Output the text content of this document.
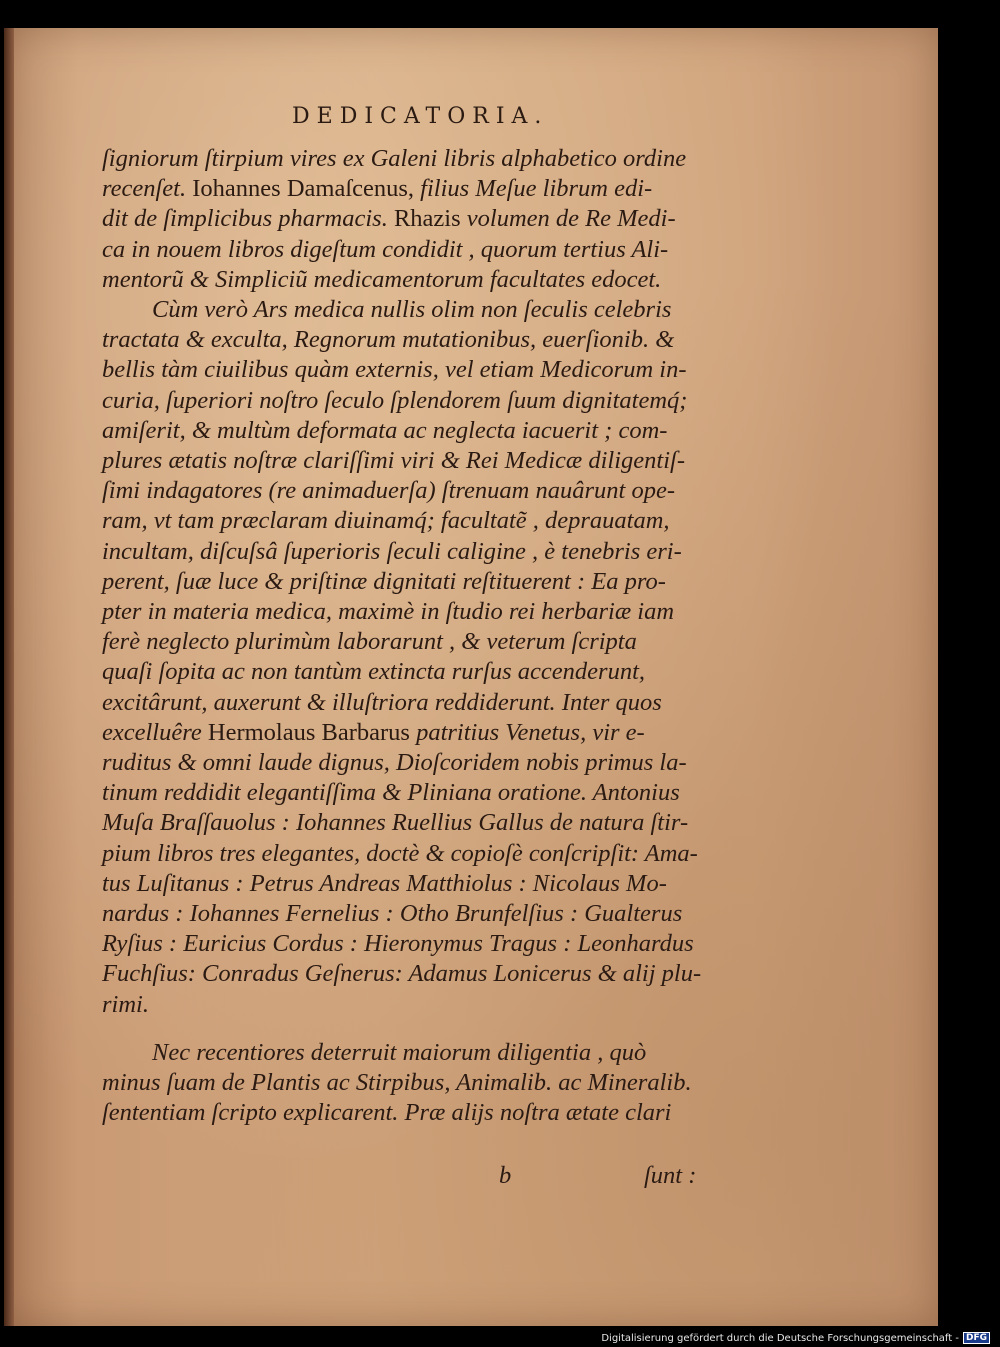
DEDICATORIA.
ſigniorum ſtirpium vires ex Galeni libris alphabetico ordine
recenſet. Iohannes Damaſcenus, filius Meſue librum edi-
dit de ſimplicibus pharmacis. Rhazis volumen de Re Medi-
ca in nouem libros digeſtum condidit , quorum tertius Ali-
mentorũ & Simpliciũ medicamentorum facultates edocet.
Cùm verò Ars medica nullis olim non ſeculis celebris
tractata & exculta, Regnorum mutationibus, euerſionib. &
bellis tàm ciuilibus quàm externis, vel etiam Medicorum in-
curia, ſuperiori noſtro ſeculo ſplendorem ſuum dignitatemq́;
amiſerit, & multùm deformata ac neglecta iacuerit ; com-
plures ætatis noſtræ clariſſimi viri & Rei Medicæ diligentiſ-
ſimi indagatores (re animaduerſa) ſtrenuam nauârunt ope-
ram, vt tam præclaram diuinamq́; facultatẽ , deprauatam,
incultam, diſcuſsâ ſuperioris ſeculi caligine , è tenebris eri-
perent, ſuæ luce & priſtinæ dignitati reſtituerent : Ea pro-
pter in materia medica, maximè in ſtudio rei herbariæ iam
ferè neglecto plurimùm laborarunt , & veterum ſcripta
quaſi ſopita ac non tantùm extincta rurſus accenderunt,
excitârunt, auxerunt & illuſtriora reddiderunt. Inter quos
excelluêre Hermolaus Barbarus patritius Venetus, vir e-
ruditus & omni laude dignus, Dioſcoridem nobis primus la-
tinum reddidit elegantiſſima & Pliniana oratione. Antonius
Muſa Braſſauolus : Iohannes Ruellius Gallus de natura ſtir-
pium libros tres elegantes, doctè & copioſè conſcripſit: Ama-
tus Luſitanus : Petrus Andreas Matthiolus : Nicolaus Mo-
nardus : Iohannes Fernelius : Otho Brunfelſius : Gualterus
Ryſius : Euricius Cordus : Hieronymus Tragus : Leonhardus
Fuchſius: Conradus Geſnerus: Adamus Lonicerus & alij plu-
rimi.
Nec recentiores deterruit maiorum diligentia , quò
minus ſuam de Plantis ac Stirpibus, Animalib. ac Mineralib.
ſententiam ſcripto explicarent. Præ alijs noſtra ætate clari
b	ſunt :
Digitalisierung gefördert durch die Deutsche Forschungsgemeinschaft - DFG
